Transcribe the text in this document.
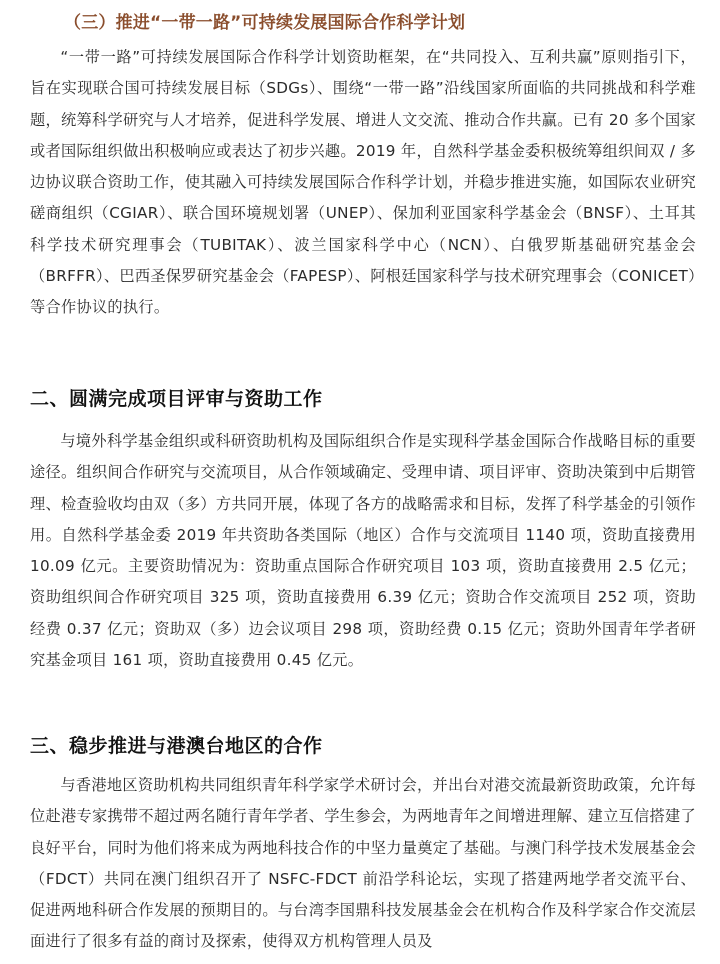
（三）推进“一带一路”可持续发展国际合作科学计划

“一带一路”可持续发展国际合作科学计划资助框架，在“共同投入、互利共赢”原则指引下，旨在实现联合国可持续发展目标（SDGs）、围绕“一带一路”沿线国家所面临的共同挑战和科学难题，统筹科学研究与人才培养，促进科学发展、增进人文交流、推动合作共赢。已有 20 多个国家或者国际组织做出积极响应或表达了初步兴趣。2019 年，自然科学基金委积极统筹组织间双 / 多边协议联合资助工作，使其融入可持续发展国际合作科学计划，并稳步推进实施，如国际农业研究磋商组织（CGIAR）、联合国环境规划署（UNEP）、保加利亚国家科学基金会（BNSF）、土耳其科学技术研究理事会（TUBITAK）、波兰国家科学中心（NCN）、白俄罗斯基础研究基金会（BRFFR）、巴西圣保罗研究基金会（FAPESP）、阿根廷国家科学与技术研究理事会（CONICET）等合作协议的执行。

二、圆满完成项目评审与资助工作

与境外科学基金组织或科研资助机构及国际组织合作是实现科学基金国际合作战略目标的重要途径。组织间合作研究与交流项目，从合作领域确定、受理申请、项目评审、资助决策到中后期管理、检查验收均由双（多）方共同开展，体现了各方的战略需求和目标，发挥了科学基金的引领作用。自然科学基金委 2019 年共资助各类国际（地区）合作与交流项目 1140 项，资助直接费用 10.09 亿元。主要资助情况为：资助重点国际合作研究项目 103 项，资助直接费用 2.5 亿元；资助组织间合作研究项目 325 项，资助直接费用 6.39 亿元；资助合作交流项目 252 项，资助经费 0.37 亿元；资助双（多）边会议项目 298 项，资助经费 0.15 亿元；资助外国青年学者研究基金项目 161 项，资助直接费用 0.45 亿元。

三、稳步推进与港澳台地区的合作

与香港地区资助机构共同组织青年科学家学术研讨会，并出台对港交流最新资助政策，允许每位赴港专家携带不超过两名随行青年学者、学生参会，为两地青年之间增进理解、建立互信搭建了良好平台，同时为他们将来成为两地科技合作的中坚力量奠定了基础。与澳门科学技术发展基金会（FDCT）共同在澳门组织召开了 NSFC-FDCT 前沿学科论坛，实现了搭建两地学者交流平台、促进两地科研合作发展的预期目的。与台湾李国鼎科技发展基金会在机构合作及科学家合作交流层面进行了很多有益的商讨及探索，使得双方机构管理人员及
